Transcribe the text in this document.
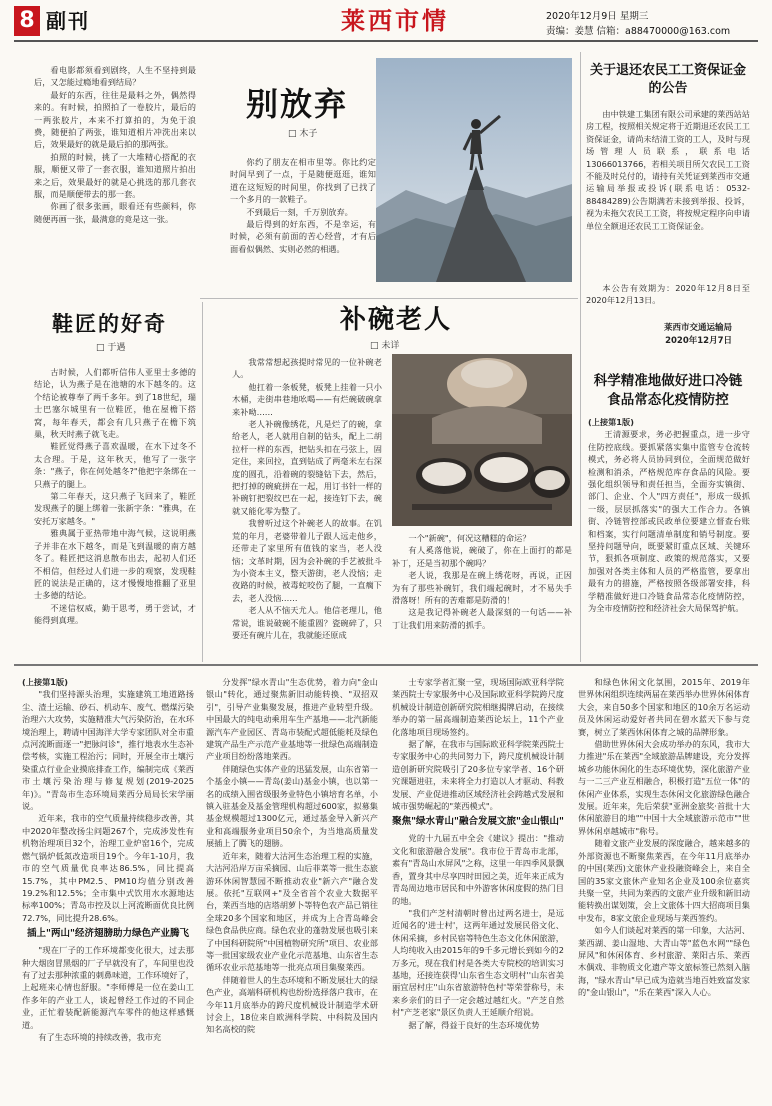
8 副刊	莱西市情	2020年12月9日 星期三
责编：姜慧 信箱：a88470000@163.com

看电影都须看到剧终，人生不坚持到最后，又怎能过瘾地看到结局？

最好的东西，往往是最料之外，偶然得来的。有时候，拍照拍了一卷胶片，最后的一两张胶片，本来不打算拍的，为免于浪费，随便拍了两张，谁知道相片冲洗出来以后，效果最好的就是最后拍的那两张。

拍照的时候，挑了一大堆精心搭配的衣服，顺便又带了一套衣服，谁知道照片拍出来之后，效果最好的就是心挑选的那几套衣服，而是顺便带去的那一套。

你画了很多张画，眼看还有些颜料，你随便再画一张，最满意的竟是这一张。

别放弃
□ 木子

你约了朋友在相市里等。你比约定时间早到了一点，于是随便逛逛，谁知道在这短短的时间里，你找到了已找了一个多月的一款鞋子。

不到最后一刻，千万别放弃。

最后得到的好东西，不是幸运，有时候，必须有前面的苦心经营，才有后面看似偶然、实则必然的相遇。

关于退还农民工工资保证金的公告

由中铁建工集团有限公司承建的莱西站站房工程，按照相关规定将于近期退还农民工工资保证金，请尚未结清工资的工人，及时与现场管理人员联系，联系电话 13066013766，若相关项目所欠农民工工资不能及时兑付的，请持有关凭证到莱西市交通运输局举报或投诉(联系电话：0532-88484289)公告期满若未接到举报、投诉，视为未拖欠农民工工资，将按规定程序向申请单位全额退还农民工工资保证金。

本公告有效期为：2020年12月8日至2020年12月13日。

莱西市交通运输局
2020年12月7日
鞋匠的好奇
□ 于遇

古时候，人们都听信伟人亚里士多德的结论，认为燕子是在池塘的水下越冬的。这个结论被尊奉了两千多年。到了18世纪，瑞士巴塞尔城里有一位鞋匠，他在屋檐下搭窝，每年春天，都会有几只燕子在檐下筑巢，秋天时燕子就飞走。

鞋匠觉得燕子喜欢温暖，在水下过冬不太合理。于是，这年秋天，他写了一张字条："燕子，你在何处越冬?"他把字条绑在一只燕子的腿上。

第二年春天，这只燕子飞回来了，鞋匠发现燕子的腿上绑着一张新字条："雅典，在安托万家越冬。"

雅典属于亚热带地中海气候，这说明燕子并非在水下越冬，而是飞到温暖的南方越冬了。鞋匠把这消息散布出去，起初人们还不相信，但经过人们进一步的观察，发现鞋匠的说法是正确的，这才慢慢地推翻了亚里士多德的结论。

不迷信权威，勤于思考，勇于尝试，才能得到真理。

补碗老人
□ 未详

我常常想起孩提时常见的一位补碗老人。

他扛着一条板凳，板凳上挂着一只小木桶，走街串巷地吆喝——有烂碗破碗拿来补呦……

老人补碗像绣花，凡是烂了的碗，拿给老人，老人就用自制的钻头，配上二胡拉杆一样的东西，把钻头扣在弓弦上，固定住，来回拉，直到钻成了两毫米左右深度的圆孔，沿着碗的裂缝钻下去，然后，把打掉的碗疵拼在一起，用订书针一样的补碗钉把裂纹巴在一起，接连钉下去，碗就又能化零为整了。

我曾听过这个补碗老人的故事。在饥荒的年月，老婆带着儿子跟人远走他乡，还带走了家里所有值钱的家当，老人没恼；文革时期，因为会补碗的手艺被批斗为小资本主义，整天游街，老人没恼；走夜路的时候，被毒蛇咬伤了腿，一直瘸下去，老人没恼……

老人从不恼天尤人。他信老理儿，他常说，谁说破碗不能重圆？瓷碗碎了，只要还有碗片儿在，我就能还原成

一个"新碗"，何况这糟糕的命运？

有人奚落他说，碗破了，你在上面打的都是补丁，还是当初那个碗吗？

老人说，我那是在碗上绣花呀，再说，正因为有了那些补碗钉，我们端起碗时，才不易失手滑落呀！所有的苦难都是防滑的！

这是我记得补碗老人最深刻的一句话——补丁让我们用来防滑的抓手。

科学精准地做好进口冷链食品常态化疫情防控
(上接第1版)

王清源要求，务必把握重点，进一步守住防控底线。要抓紧落实集中监管专仓流转模式，务必将人员协同到位，全面规范做好检测和消杀，严格规范库存食品的风险。要强化组织领导和责任担当，全面夯实镇街、部门、企业、个人"四方责任"，形成一级抓一级，层层抓落实"的强大工作合力。各镇街、冷链管控部或民政单位要建立督查台账和档案，实行问题清单制度和销号制度。要坚持问题导向，既要紧盯重点区域、关键环节，狠抓各项制度、政策的规范落实，又要加强对各类主体和人员的严格监管，要拿出最有力的措施，严格按照各级部署安排，科学精准做好进口冷链食品常态化疫情防控，为全市疫情防控和经济社会大局保驾护航。

(上接第1版)

"我们坚持源头治理，实施建筑工地道路扬尘、渣土运输、砂石、机动车、废气、燃煤污染治理六大攻势，实施精准大气污染防治，在水环境治理上，聘请中国海洋大学专家团队对全市重点河流断面逐一"把脉问诊"，推行地表水生态补偿考核，实施工程治污；同时，开展全市土壤污染重点行业企业摸底排查工作，编制完成《莱西市土壤污染治理与修复规划(2019-2025年)》。"青岛市生态环境局莱西分局局长宋学丽说。

近年来，我市的空气质量持续稳步改善，其中2020年整改扬尘问题267个，完成涉发性有机物治理项目32个，治理工业炉窑16个，完成燃气锅炉低氮改造项目19个。今年1-10月，我市的空气质量优良率达86.5%，同比提高15.7%，其中PM2.5、PM10均值分别改善19.2%和12.5%；全市集中式饮用水水源地达标率100%；青岛市控及以上河流断面优良比例72.7%，同比提升28.6%。

插上"两山"经济翅膀助力绿色产业腾飞

"现在厂子的工作环境都变化很大，过去那种大烟囱冒黑烟的厂子早就没有了，车间里也没有了过去那种浓重的刺鼻味道，工作环境好了，上起班来心情也舒服。"李师傅是一位在姜山工作多年的产业工人，谈起曾经工作过的不同企业，正忙着装配新能源汽车零件的他这样感慨道。

有了生态环境的持续改善，我市充

分发挥"绿水青山"生态优势，着力向"金山银山"转化，通过聚焦新旧动能转换、"双招双引"，引导产业集聚发展，推进产业转型升级。中国最大的纯电动乘用车生产基地——北汽新能源汽车产业园区、青岛市装配式超低能耗及绿色建筑产品生产示范产业基地等一批绿色高端制造产业项目纷纷落地莱西。

伴随绿色实体产业的迅猛发展，山东省第一个基金小镇——青岛(姜山)基金小镇，也以第一名的成绩入围省级服务业特色小镇培育名单，小镇入驻基金及基金管理机构超过600家，拟募集基金规模超过1300亿元，通过基金导入新兴产业和高端服务业项目50余个，为当地高质量发展插上了腾飞的翅膀。

近年来，随着大沽河生态治理工程的实施，大沽河沿岸万亩采摘园、山后菲菜等一批生态旅游环休闲智慧园不断推动农业"新六产"融合发展。依托"互联网+"及全省首个农业大数据平台，莱西当地的店塔胡萝卜等特色农产品已销往全球20多个国家和地区，并成为上合青岛峰会绿色食品供应商。绿色农业的蓬勃发展也吸引来了中国科研院所"中国植物研究所"项目、农业部等一批国家级农业产业化示范基地、山东省生态循环农业示范基地等一批亮点项目集聚莱西。

伴随着世人的生态环境和不断发展壮大的绿色产业，高端科研机构也纷纷选择落户我市，在今年11月底举办的跨尺度机械设计制造学术研讨会上，18位来自欧洲科学院、中科院及国内知名高校的院

士专家学者汇聚一堂，现场国际欧亚科学院莱西院士专家服务中心及国际欧亚科学院跨尺度机械设计制造创新研究院相继揭牌启动，在接续举办的第一届高端制造莱西论坛上，11个产业化落地项目现场签约。

据了解，在我市与国际欧亚科学院莱西院士专家服务中心的共同努力下，跨尺度机械设计制造创新研究院吸引了20多位专家学者、16个研究课题进驻，未来将全力打造以人才驱动、科教发展、产业促进推动区域经济社会跨越式发展和城市强势崛起的"莱西模式"。

聚焦"绿水青山"融合发展文旅"金山银山"

党的十九届五中全会《建议》提出："推动文化和旅游融合发展"。我市位于青岛市北部，素有"青岛山水屏风"之称，这里一年四季风景飘香，置身其中尽享四时田园之美，近年来正成为青岛周边地市居民和中外游客休闲度假的热门目的地。

"我们产芝村清朝时曾出过两名进士，是远近闻名的'进士村'，这两年通过发展民俗文化、休闲采摘，乡村民宿等特色生态文化休闲旅游，人均纯收入由2015年的9千多元增长到如今的2万多元，现在我们村是各类大专院校的培训实习基地，还接连获得'山东省生态文明村''山东省美丽宜居村庄''山东省旅游特色村'等荣誉称号，未来乡亲们的日子一定会越过越红火。"产芝自然村"产芝老家"景区负责人王延顺介绍说。

据了解，得益于良好的生态环境优势

和绿色休闲文化氛围，2015年、2019年世界休闲组织连续两届在莱西举办世界休闲体育大会，来自50多个国家和地区的10余万名运动员及休闲运动爱好者共同在碧水蓝天下参与竞赛，树立了莱西休闲体育之城的品牌形象。

借助世界休闲大会成功举办的东风，我市大力推进"乐在莱西"全域旅游品牌建设，充分发挥城乡功能休闲化的生态环境优势，深化旅游产业与一二三产业互相融合，积极打造"五位一体"的休闲产业体系，实现生态休闲文化旅游绿色融合发展。近年来，先后荣获"亚洲金旅奖·首批十大休闲旅游目的地""中国十大全域旅游示范市""世界休闲卓越城市"称号。

随着文旅产业发展的深度融合，越来越多的外部资源也不断聚焦莱西，在今年11月底举办的中国(莱西)文旅休产业投融资峰会上，来自全国的35家文旅休产业知名企业及100余位嘉宾共聚一堂，共同为莱西的文旅产业升级和新旧动能转换出谋划策，会上文旅体十四大招商项目集中发布，8家文旅企业现场与莱西签约。

如今人们谈起对莱西的第一印象，大沽河、莱西湖、姜山湿地、大青山等"蓝色水网""绿色屏风"和休闲体育、乡村旅游、莱阳古乐、莱西木偶戏、非物质文化遗产等文旅标签已然刻入脑海，"绿水青山"早已成为造就当地百姓致富发家的"金山银山"，"乐在莱西"深入人心。
